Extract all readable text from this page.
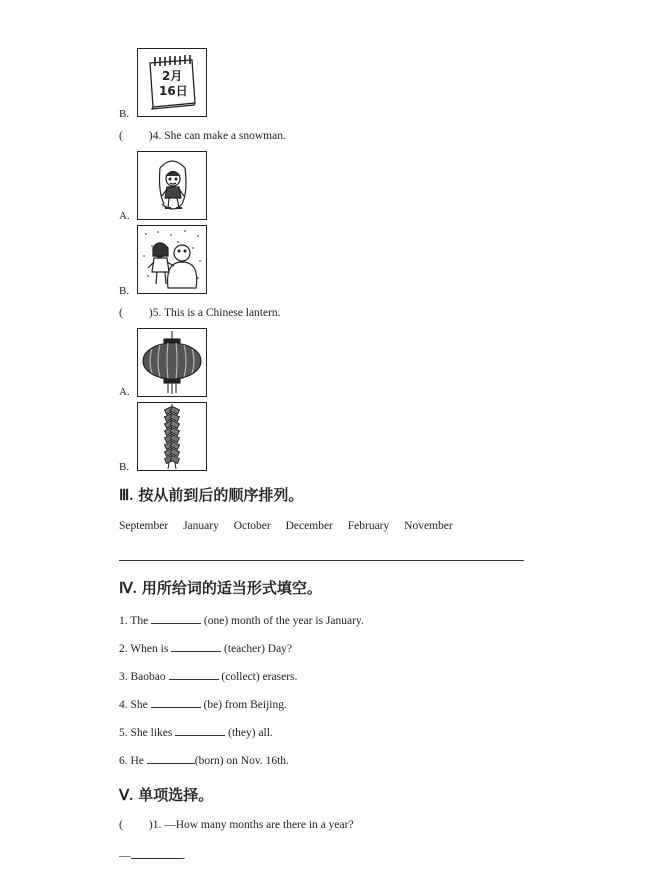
2月
16日
B.
( )4. She can make a snowman.
A.
B.
( )5. This is a Chinese lantern.
A.
B.
Ⅲ. 按从前到后的顺序排列。
September January October December February November
Ⅳ. 用所给词的适当形式填空。
1. The	(one) month of the year is January.
2. When is	(teacher) Day?
3. Baobao	(collect) erasers.
4. She	(be) from Beijing.
5. She likes	(they) all.
6. He	(born) on Nov. 16th.
Ⅴ. 单项选择。
( )1. —How many months are there in a year?
—	.
